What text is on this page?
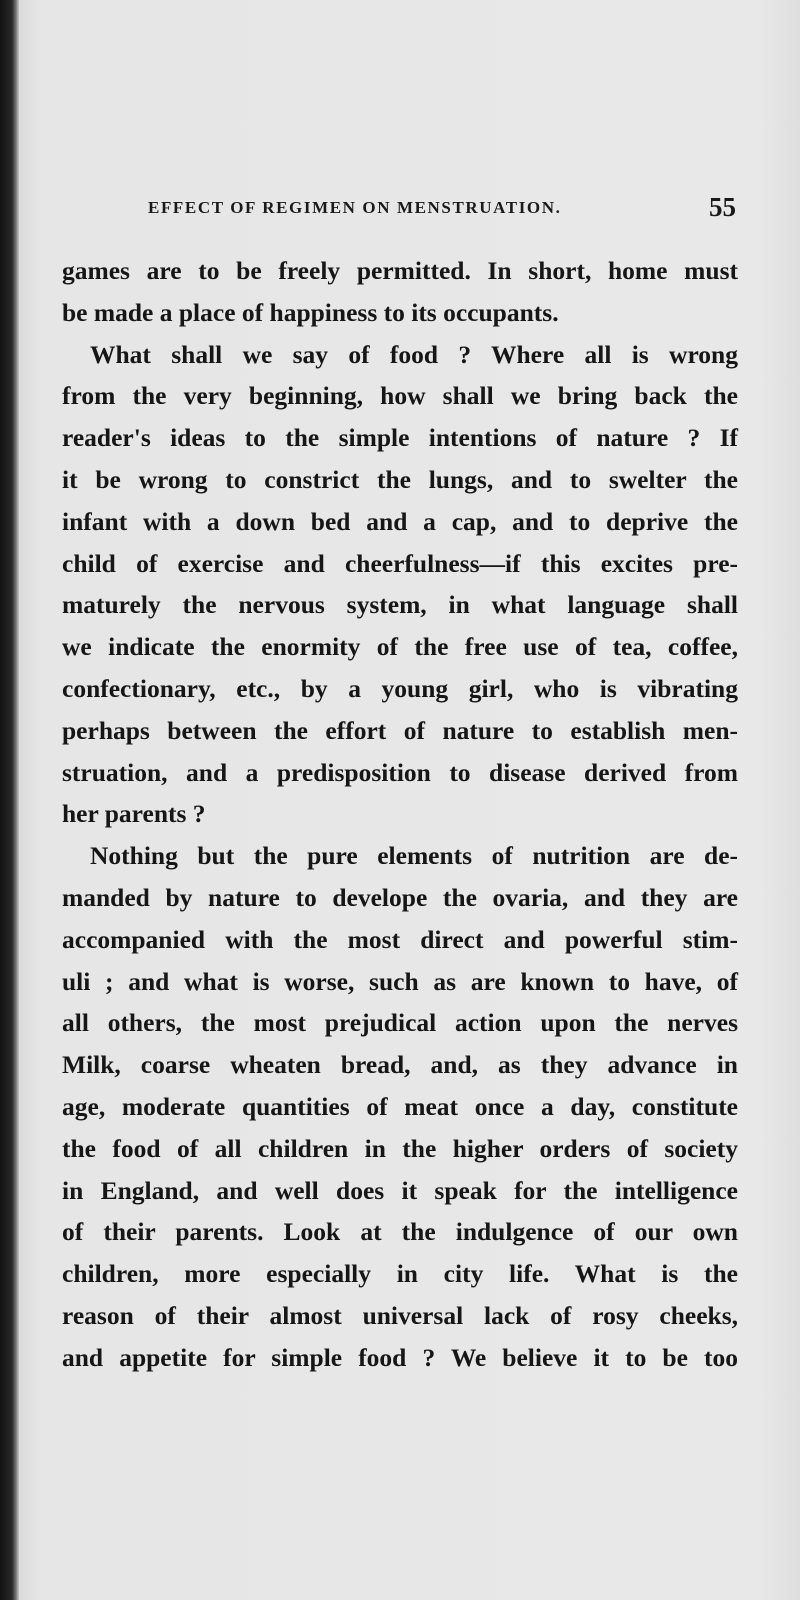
EFFECT OF REGIMEN ON MENSTRUATION.	55
games are to be freely permitted. In short, home must
be made a place of happiness to its occupants.
What shall we say of food ? Where all is wrong
from the very beginning, how shall we bring back the
reader's ideas to the simple intentions of nature ? If
it be wrong to constrict the lungs, and to swelter the
infant with a down bed and a cap, and to deprive the
child of exercise and cheerfulness—if this excites pre-
maturely the nervous system, in what language shall
we indicate the enormity of the free use of tea, coffee,
confectionary, etc., by a young girl, who is vibrating
perhaps between the effort of nature to establish men-
struation, and a predisposition to disease derived from
her parents ?
Nothing but the pure elements of nutrition are de-
manded by nature to develope the ovaria, and they are
accompanied with the most direct and powerful stim-
uli ; and what is worse, such as are known to have, of
all others, the most prejudical action upon the nerves
Milk, coarse wheaten bread, and, as they advance in
age, moderate quantities of meat once a day, constitute
the food of all children in the higher orders of society
in England, and well does it speak for the intelligence
of their parents. Look at the indulgence of our own
children, more especially in city life. What is the
reason of their almost universal lack of rosy cheeks,
and appetite for simple food ? We believe it to be too
